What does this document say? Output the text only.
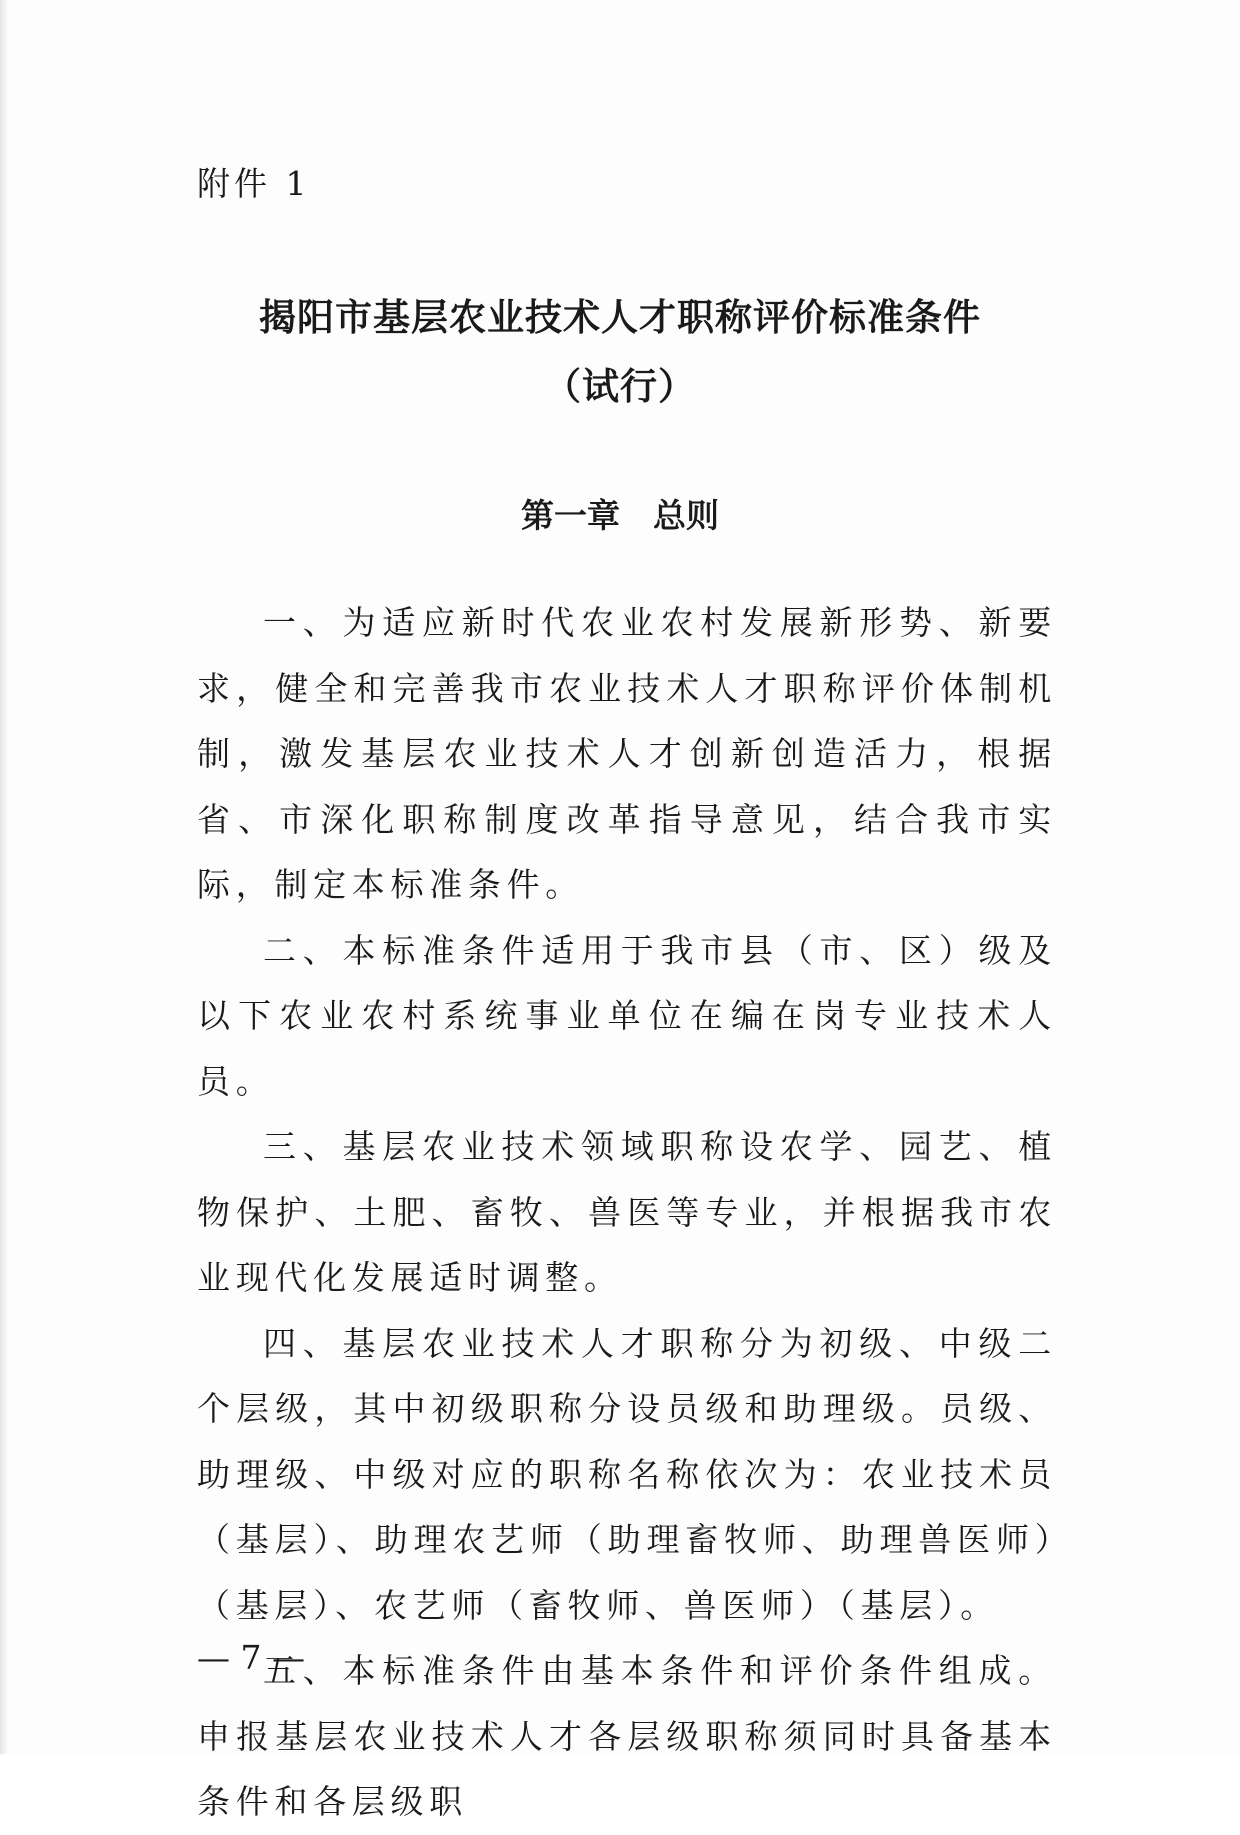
附件 1
揭阳市基层农业技术人才职称评价标准条件
（试行）
第一章　总则

一、为适应新时代农业农村发展新形势、新要求，健全和完善我市农业技术人才职称评价体制机制，激发基层农业技术人才创新创造活力，根据省、市深化职称制度改革指导意见，结合我市实际，制定本标准条件。

二、本标准条件适用于我市县（市、区）级及以下农业农村系统事业单位在编在岗专业技术人员。

三、基层农业技术领域职称设农学、园艺、植物保护、土肥、畜牧、兽医等专业，并根据我市农业现代化发展适时调整。

四、基层农业技术人才职称分为初级、中级二个层级，其中初级职称分设员级和助理级。员级、助理级、中级对应的职称名称依次为：农业技术员（基层）、助理农艺师（助理畜牧师、助理兽医师）（基层）、农艺师（畜牧师、兽医师）（基层）。

五、本标准条件由基本条件和评价条件组成。申报基层农业技术人才各层级职称须同时具备基本条件和各层级职

— 7 —
